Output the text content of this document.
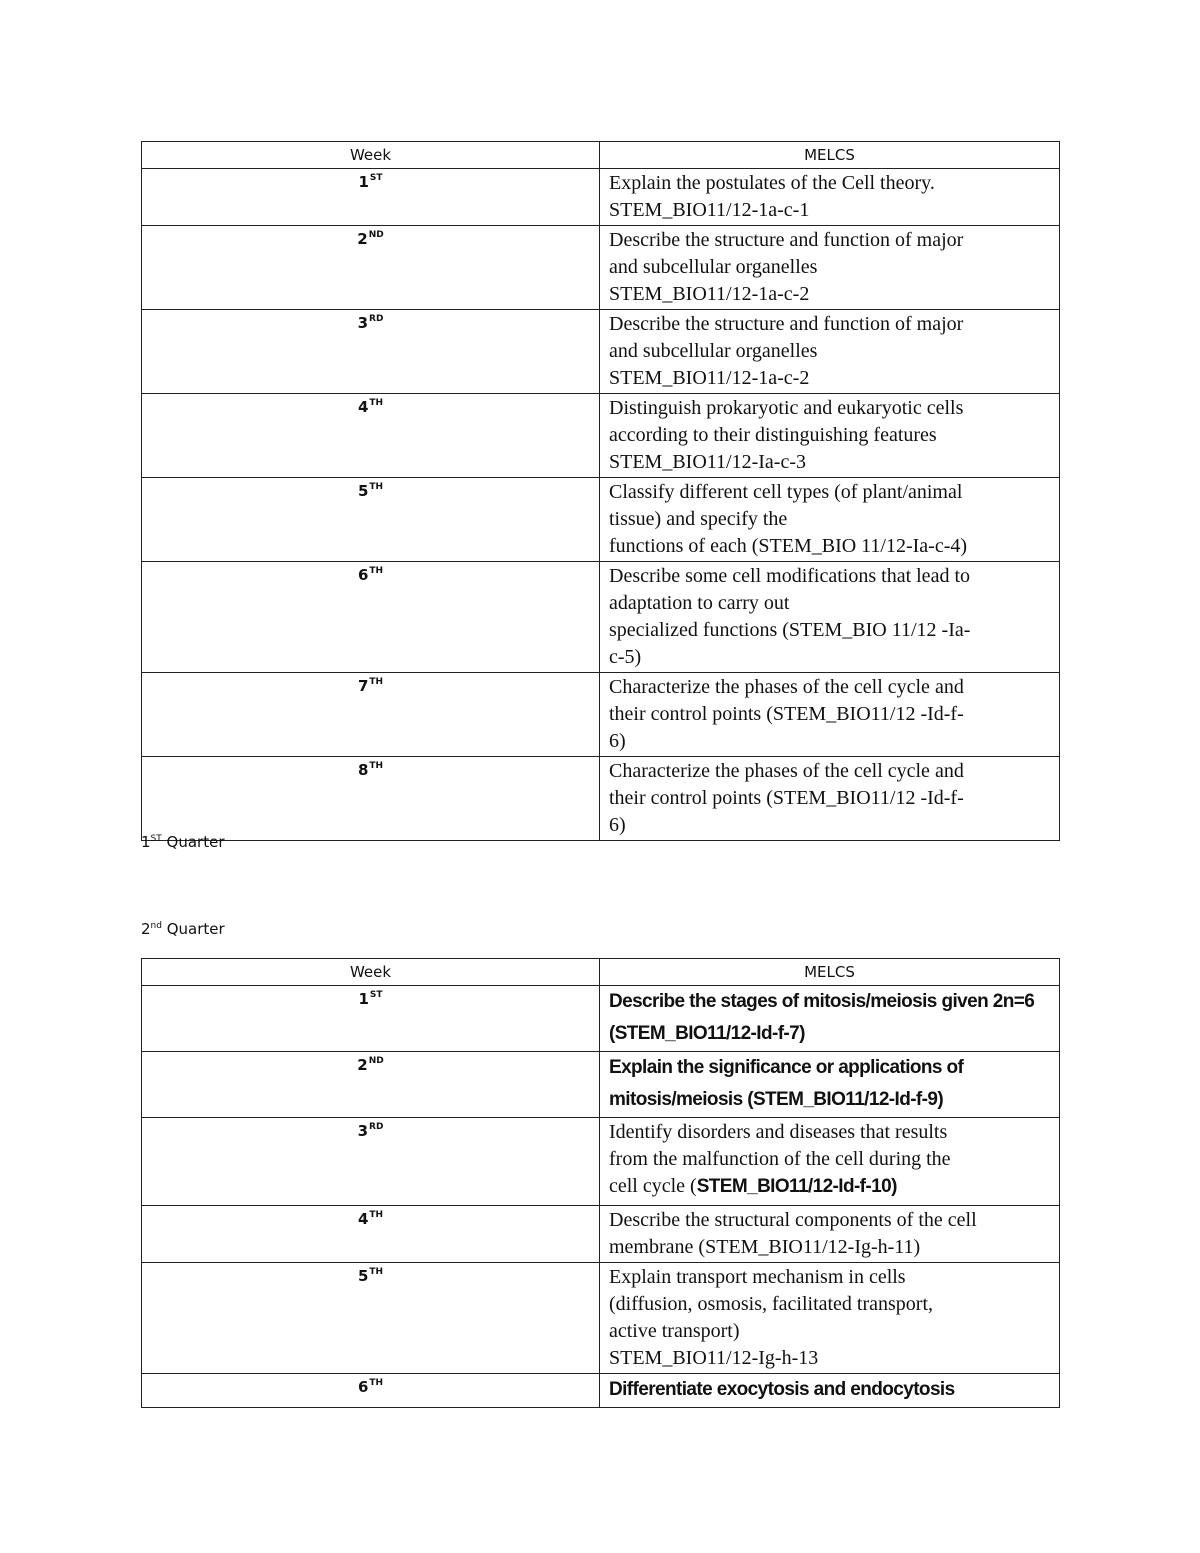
Week	MELCS
1ST	Explain the postulates of the Cell theory.
STEM_BIO11/12-1a-c-1
2ND	Describe the structure and function of major
and subcellular organelles
STEM_BIO11/12-1a-c-2
3RD	Describe the structure and function of major
and subcellular organelles
STEM_BIO11/12-1a-c-2
4TH	Distinguish prokaryotic and eukaryotic cells
according to their distinguishing features
STEM_BIO11/12-Ia-c-3
5TH	Classify different cell types (of plant/animal
tissue) and specify the
functions of each (STEM_BIO 11/12-Ia-c-4)
6TH	Describe some cell modifications that lead to
adaptation to carry out
specialized functions (STEM_BIO 11/12 -Ia-
c-5)
7TH	Characterize the phases of the cell cycle and
their control points (STEM_BIO11/12 -Id-f-
6)
8TH	Characterize the phases of the cell cycle and
their control points (STEM_BIO11/12 -Id-f-
6)
1ST Quarter
2nd Quarter
Week	MELCS
1ST	Describe the stages of mitosis/meiosis given 2n=6 (STEM_BIO11/12-Id-f-7)
2ND	Explain the significance or applications of mitosis/meiosis (STEM_BIO11/12-Id-f-9)
3RD	Identify disorders and diseases that results
from the malfunction of the cell during the
cell cycle (STEM_BIO11/12-Id-f-10)
4TH	Describe the structural components of the cell
membrane (STEM_BIO11/12-Ig-h-11)
5TH	Explain transport mechanism in cells
(diffusion, osmosis, facilitated transport,
active transport)
STEM_BIO11/12-Ig-h-13
6TH	Differentiate exocytosis and endocytosis
